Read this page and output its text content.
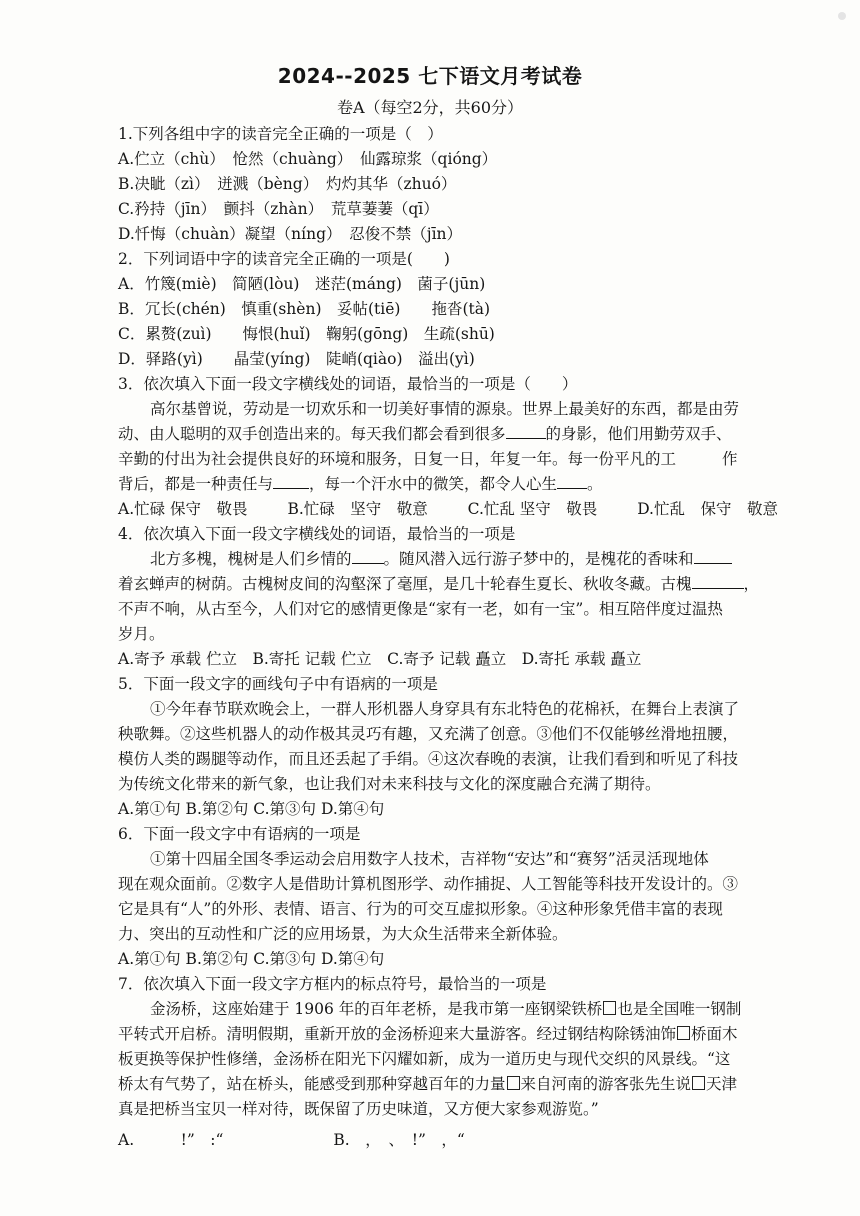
2024--2025 七下语文月考试卷
卷A（每空2分，共60分）
1.下列各组中字的读音完全正确的一项是（　）
A.伫立（chù）　怆然（chuàng）　仙露琼浆（qióng）
B.决眦（zì）　迸溅（bèng）　灼灼其华（zhuó）
C.矜持（jīn）　颤抖（zhàn）　荒草萋萋（qī）
D.忏悔（chuàn）凝望（níng）　忍俊不禁（jīn）
2．下列词语中字的读音完全正确的一项是(　　)
A．竹篾(miè)　简陋(lòu)　迷茫(máng)　菌子(jūn)
B．冗长(chén)　慎重(shèn)　妥帖(tiē)　　拖沓(tà)
C．累赘(zuì)　　悔恨(huǐ)　鞠躬(gōng)　生疏(shū)
D．驿路(yì)　　晶莹(yíng)　陡峭(qiào)　溢出(yì)
3．依次填入下面一段文字横线处的词语，最恰当的一项是（　　）
高尔基曾说，劳动是一切欢乐和一切美好事情的源泉。世界上最美好的东西，都是由劳
动、由人聪明的双手创造出来的。每天我们都会看到很多	的身影，他们用勤劳双手、
辛勤的付出为社会提供良好的环境和服务，日复一日，年复一年。每一份平凡的工	作
背后，都是一种责任与 ，每一个汗水中的微笑，都令人心生 。
A.忙碌 保守　敬畏	B.忙碌　坚守　敬意	C.忙乱 坚守　敬畏	D.忙乱　保守　敬意
4．依次填入下面一段文字横线处的词语，最恰当的一项是
北方多槐，槐树是人们乡情的 。随风潜入远行游子梦中的，是槐花的香味和
着玄蝉声的树荫。古槐树皮间的沟壑深了毫厘，是几十轮春生夏长、秋收冬藏。古槐	，
不声不响，从古至今，人们对它的感情更像是“家有一老，如有一宝”。相互陪伴度过温热
岁月。
A.寄予 承载 伫立　B.寄托 记载 伫立　C.寄予 记载 矗立　D.寄托 承载 矗立
5．下面一段文字的画线句子中有语病的一项是
①今年春节联欢晚会上，一群人形机器人身穿具有东北特色的花棉袄，在舞台上表演了
秧歌舞。②这些机器人的动作极其灵巧有趣，又充满了创意。③他们不仅能够丝滑地扭腰，
模仿人类的踢腿等动作，而且还丢起了手绢。④这次春晚的表演，让我们看到和听见了科技
为传统文化带来的新气象，也让我们对未来科技与文化的深度融合充满了期待。
A.第①句 B.第②句 C.第③句 D.第④句
6．下面一段文字中有语病的一项是
①第十四届全国冬季运动会启用数字人技术，吉祥物“安达”和“赛努”活灵活现地体
现在观众面前。②数字人是借助计算机图形学、动作捕捉、人工智能等科技开发设计的。③
它是具有“人”的外形、表情、语言、行为的可交互虚拟形象。④这种形象凭借丰富的表现
力、突出的互动性和广泛的应用场景，为大众生活带来全新体验。
A.第①句 B.第②句 C.第③句 D.第④句
7．依次填入下面一段文字方框内的标点符号，最恰当的一项是
金汤桥，这座始建于 1906 年的百年老桥，是我市第一座钢梁铁桥 也是全国唯一钢制
平转式开启桥。清明假期，重新开放的金汤桥迎来大量游客。经过钢结构除锈油饰 桥面木
板更换等保护性修缮，金汤桥在阳光下闪耀如新，成为一道历史与现代交织的风景线。“这
桥太有气势了，站在桥头，能感受到那种穿越百年的力量 来自河南的游客张先生说 天津
真是把桥当宝贝一样对待，既保留了历史味道，又方便大家参观游览。”
A.　　　!”　:“	B.　，　、　!”　，“
